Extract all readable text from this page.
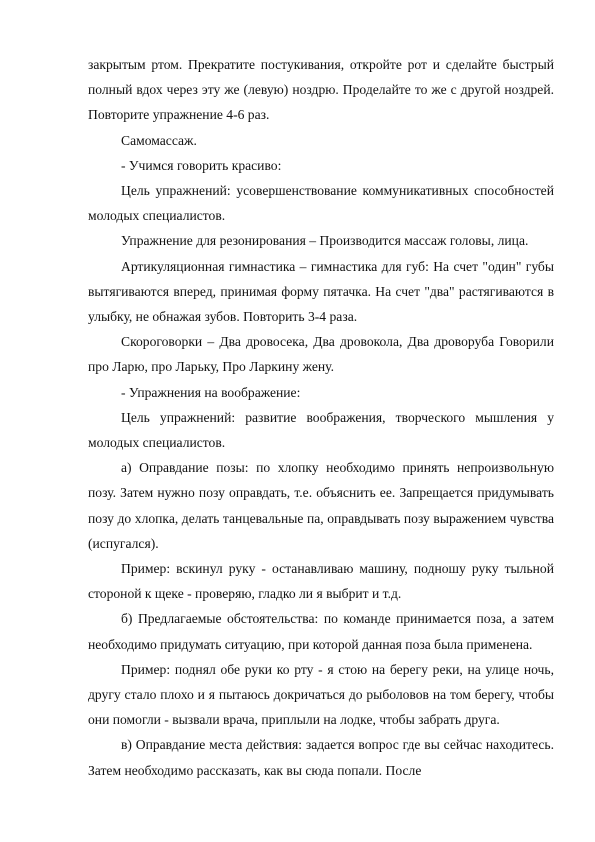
закрытым ртом. Прекратите постукивания, откройте рот и сделайте быстрый полный вдох через эту же (левую) ноздрю. Проделайте то же с другой ноздрей. Повторите упражнение 4-6 раз.

Самомассаж.

- Учимся говорить красиво:

Цель упражнений: усовершенствование коммуникативных способностей молодых специалистов.

Упражнение для резонирования – Производится массаж головы, лица.

Артикуляционная гимнастика – гимнастика для губ: На счет "один" губы вытягиваются вперед, принимая форму пятачка. На счет "два" растягиваются в улыбку, не обнажая зубов. Повторить 3-4 раза.

Скороговорки – Два дровосека, Два дровокола, Два дроворуба Говорили про Ларю, про Ларьку, Про Ларкину жену.

- Упражнения на воображение:

Цель упражнений: развитие воображения, творческого мышления у молодых специалистов.

а) Оправдание позы: по хлопку необходимо принять непроизвольную позу. Затем нужно позу оправдать, т.е. объяснить ее. Запрещается придумывать позу до хлопка, делать танцевальные па, оправдывать позу выражением чувства (испугался).

Пример: вскинул руку - останавливаю машину, подношу руку тыльной стороной к щеке - проверяю, гладко ли я выбрит и т.д.

б) Предлагаемые обстоятельства: по команде принимается поза, а затем необходимо придумать ситуацию, при которой данная поза была применена.

Пример: поднял обе руки ко рту - я стою на берегу реки, на улице ночь, другу стало плохо и я пытаюсь докричаться до рыболовов на том берегу, чтобы они помогли - вызвали врача, приплыли на лодке, чтобы забрать друга.

в) Оправдание места действия: задается вопрос где вы сейчас находитесь. Затем необходимо рассказать, как вы сюда попали. После
